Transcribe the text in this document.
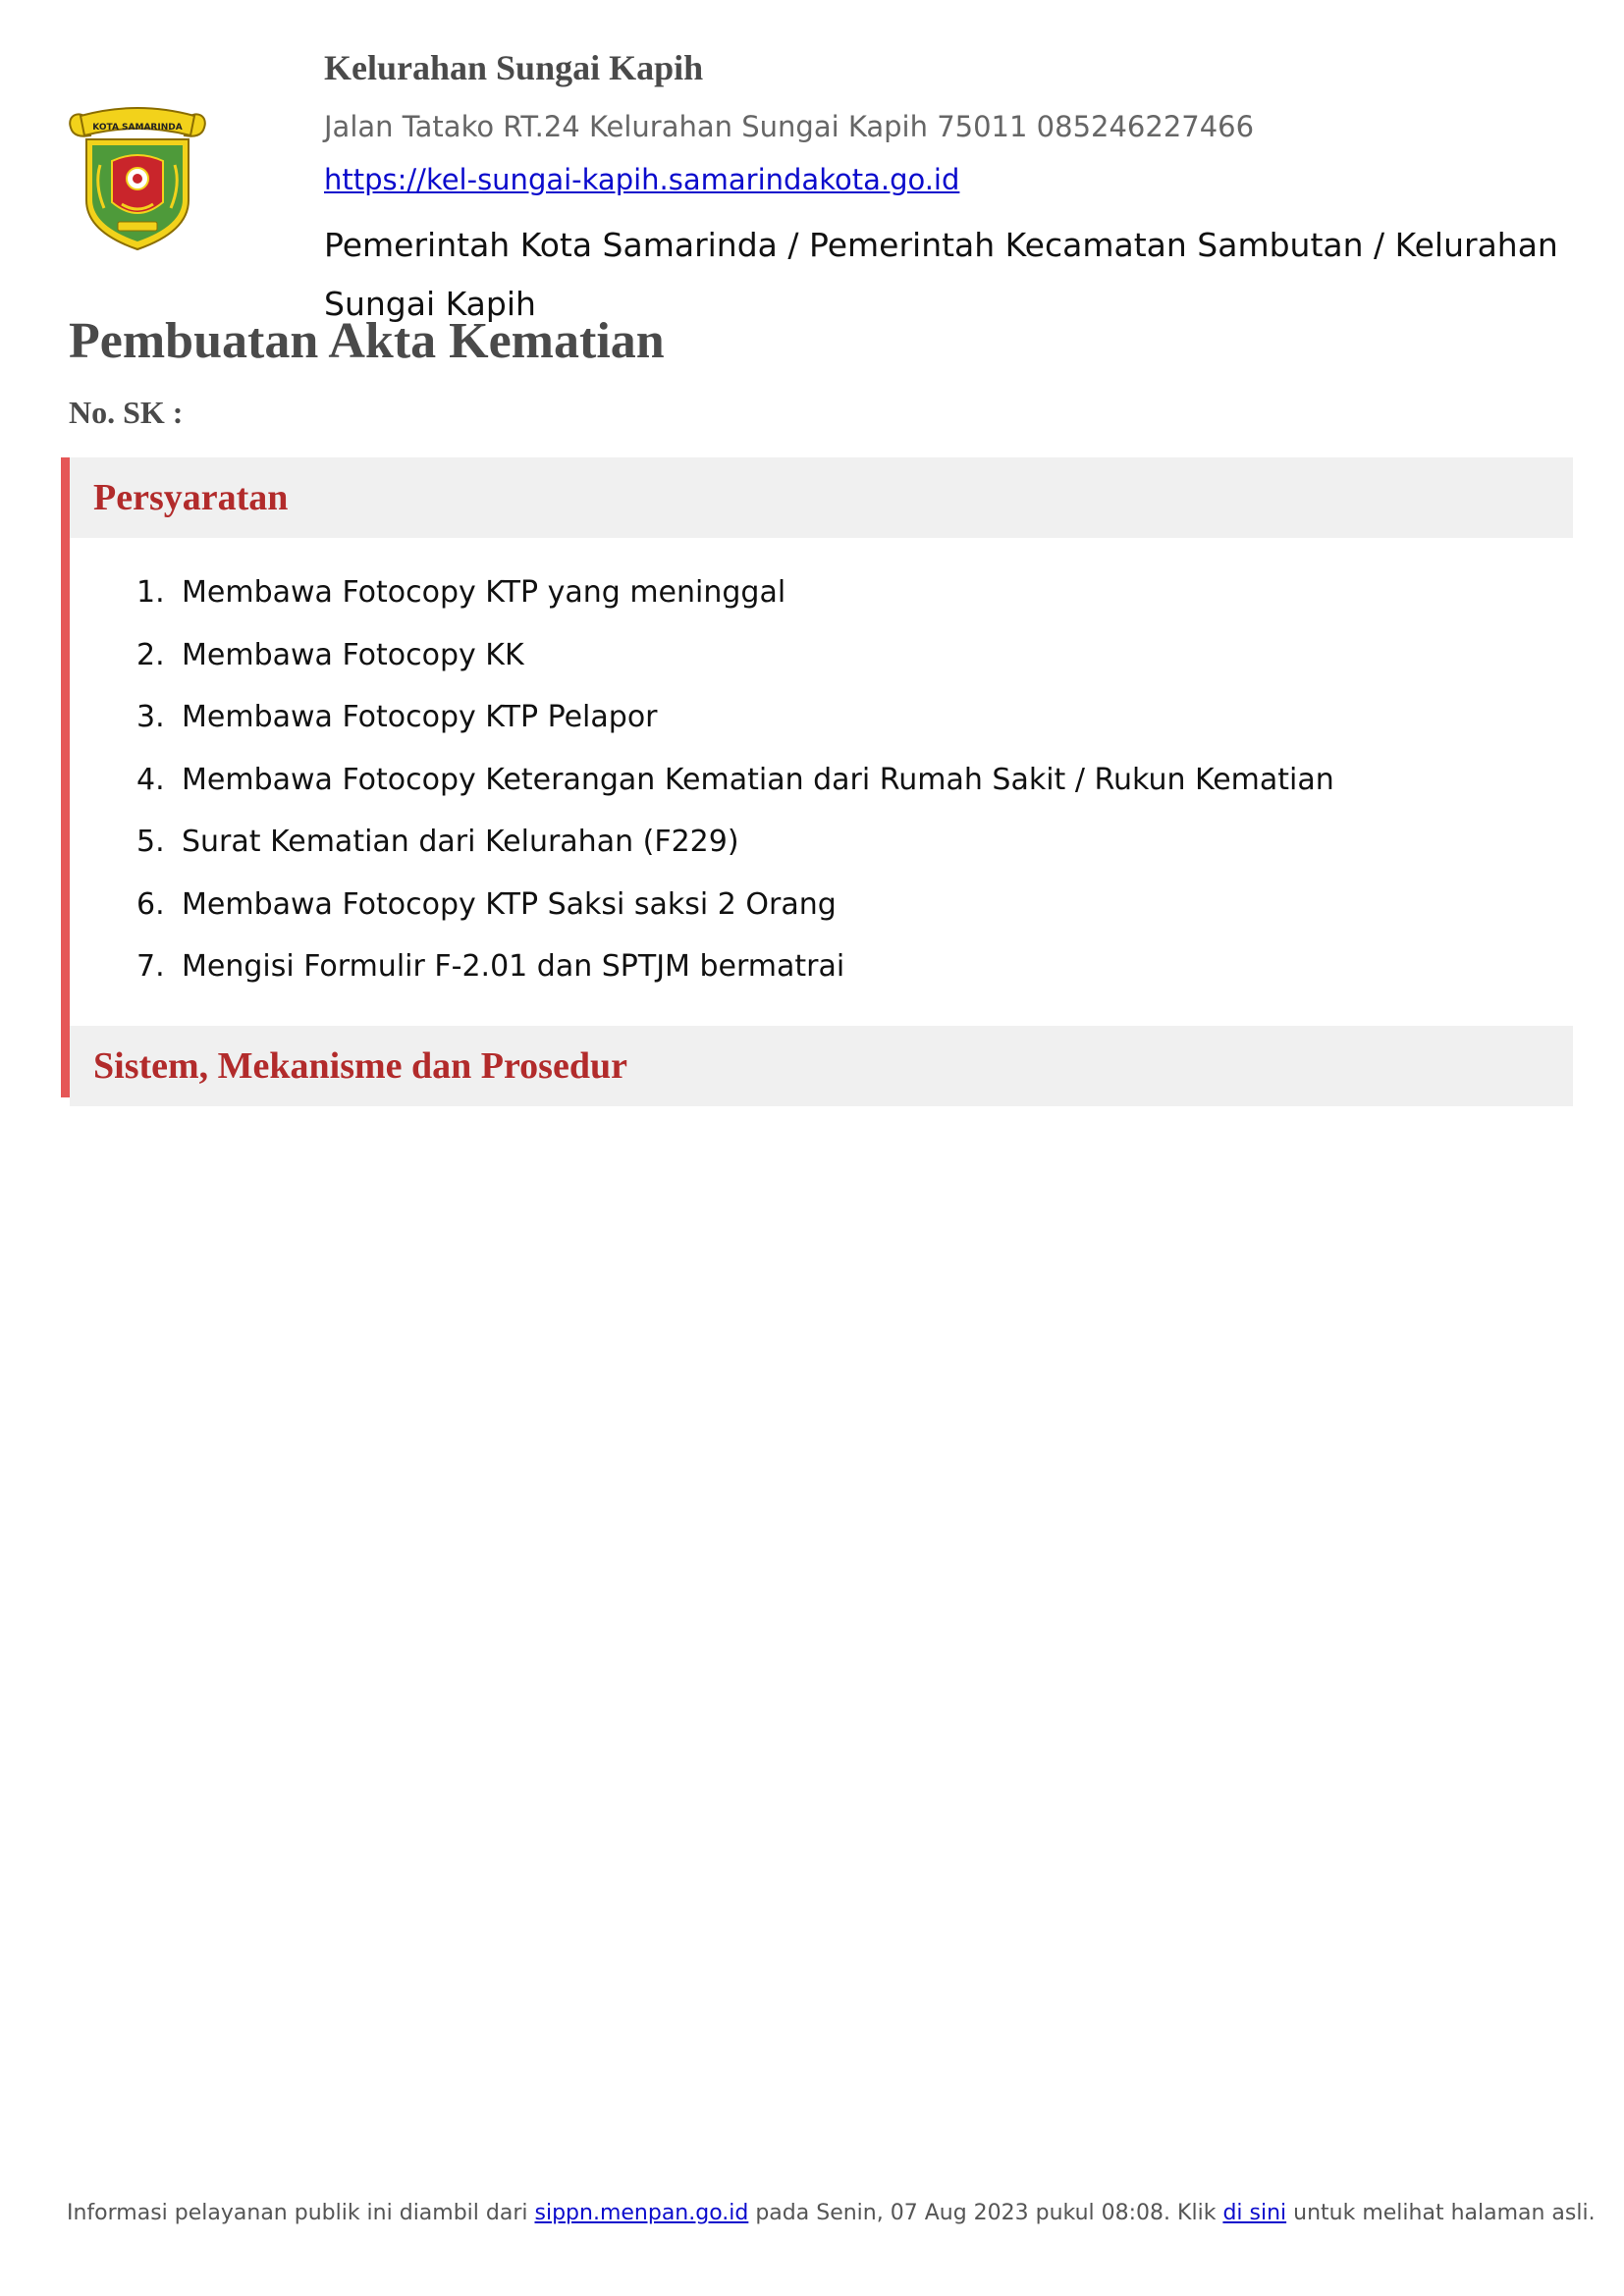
KOTA SAMARINDA

Kelurahan Sungai Kapih

Jalan Tatako RT.24 Kelurahan Sungai Kapih 75011 085246227466

https://kel-sungai-kapih.samarindakota.go.id

Pemerintah Kota Samarinda / Pemerintah Kecamatan Sambutan / Kelurahan Sungai Kapih

Pembuatan Akta Kematian

No. SK :

Persyaratan
1. Membawa Fotocopy KTP yang meninggal
2. Membawa Fotocopy KK
3. Membawa Fotocopy KTP Pelapor
4. Membawa Fotocopy Keterangan Kematian dari Rumah Sakit / Rukun Kematian
5. Surat Kematian dari Kelurahan (F229)
6. Membawa Fotocopy KTP Saksi saksi 2 Orang
7. Mengisi Formulir F-2.01 dan SPTJM bermatrai
Sistem, Mekanisme dan Prosedur

Informasi pelayanan publik ini diambil dari sippn.menpan.go.id pada Senin, 07 Aug 2023 pukul 08:08. Klik di sini untuk melihat halaman asli.
